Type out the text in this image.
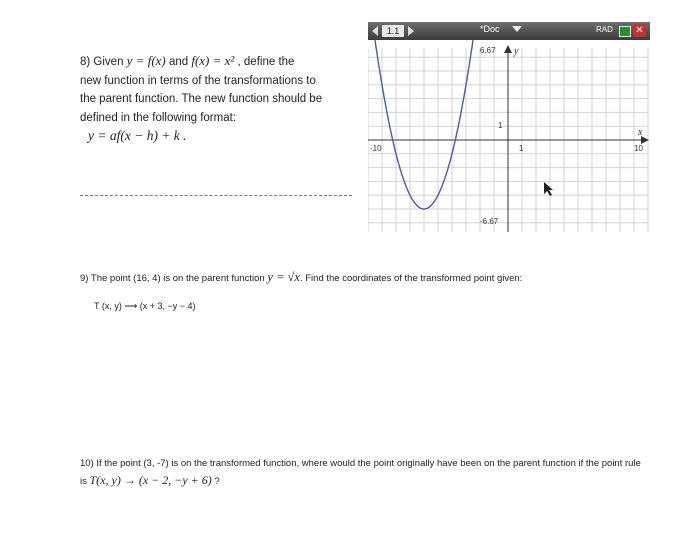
8) Given y = f(x) and f(x) = x² , define the
new function in terms of the transformations to
the parent function. The new function should be
defined in the following format:
y = af(x − h) + k .
1.1	*Doc	RAD ✕
6.67 y
-6.67
-10	10
x
1
1
9) The point (16, 4) is on the parent function y = √x. Find the coordinates of the transformed point given:
T (x, y) ⟶ (x + 3, −y − 4)
10) If the point (3, -7) is on the transformed function, where would the point originally have been on the parent function if the point rule is T(x, y) → (x − 2, −y + 6) ?
